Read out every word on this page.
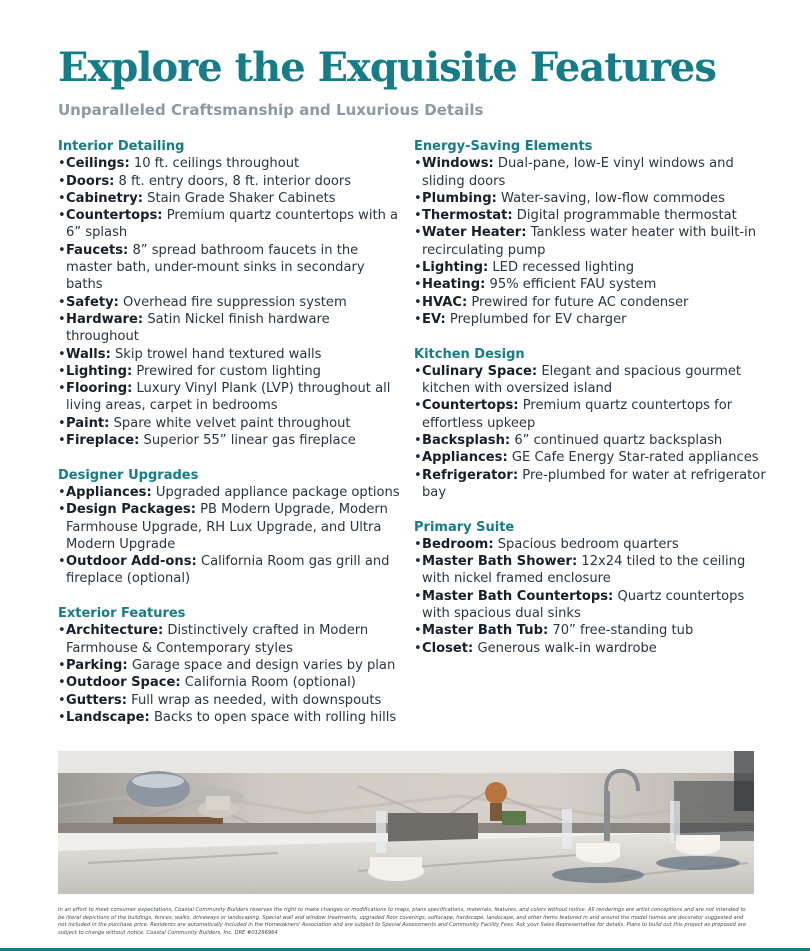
Explore the Exquisite Features
Unparalleled Craftsmanship and Luxurious Details
Interior Detailing
•Ceilings: 10 ft. ceilings throughout
•Doors: 8 ft. entry doors, 8 ft. interior doors
•Cabinetry: Stain Grade Shaker Cabinets
•Countertops: Premium quartz countertops with a 6” splash
•Faucets: 8” spread bathroom faucets in the master bath, under-mount sinks in secondary baths
•Safety: Overhead fire suppression system
•Hardware: Satin Nickel finish hardware throughout
•Walls: Skip trowel hand textured walls
•Lighting: Prewired for custom lighting
•Flooring: Luxury Vinyl Plank (LVP) throughout all living areas, carpet in bedrooms
•Paint: Spare white velvet paint throughout
•Fireplace: Superior 55” linear gas fireplace
Designer Upgrades
•Appliances: Upgraded appliance package options
•Design Packages: PB Modern Upgrade, Modern Farmhouse Upgrade, RH Lux Upgrade, and Ultra Modern Upgrade
•Outdoor Add-ons: California Room gas grill and fireplace (optional)
Exterior Features
•Architecture: Distinctively crafted in Modern Farmhouse & Contemporary styles
•Parking: Garage space and design varies by plan
•Outdoor Space: California Room (optional)
•Gutters: Full wrap as needed, with downspouts
•Landscape: Backs to open space with rolling hills
Energy-Saving Elements
•Windows: Dual-pane, low-E vinyl windows and sliding doors
•Plumbing: Water-saving, low-flow commodes
•Thermostat: Digital programmable thermostat
•Water Heater: Tankless water heater with built-in recirculating pump
•Lighting: LED recessed lighting
•Heating: 95% efficient FAU system
•HVAC: Prewired for future AC condenser
•EV: Preplumbed for EV charger
Kitchen Design
•Culinary Space: Elegant and spacious gourmet kitchen with oversized island
•Countertops: Premium quartz countertops for effortless upkeep
•Backsplash: 6” continued quartz backsplash
•Appliances: GE Cafe Energy Star-rated appliances
•Refrigerator: Pre-plumbed for water at refrigerator bay
Primary Suite
•Bedroom: Spacious bedroom quarters
•Master Bath Shower: 12x24 tiled to the ceiling with nickel framed enclosure
•Master Bath Countertops: Quartz countertops with spacious dual sinks
•Master Bath Tub: 70” free-standing tub
•Closet: Generous walk-in wardrobe
In an effort to meet consumer expectations, Coastal Community Builders reserves the right to make changes or modifications to maps, plans specifications, materials, features, and colors without notice. All renderings are artist conceptions and are not intended to be literal depictions of the buildings, fences, walks, driveways or landscaping. Special wall and window treatments, upgraded floor coverings, softscape, hardscape, landscape, and other items featured in and around the model homes are decorator suggested and not included in the purchase price. Residents are automatically included in the Homeowners' Association and are subject to Special Assessments and Community Facility Fees. Ask your Sales Representative for details. Plans to build out this project as proposed are subject to change without notice. Coastal Community Builders, Inc. DRE #01266964
